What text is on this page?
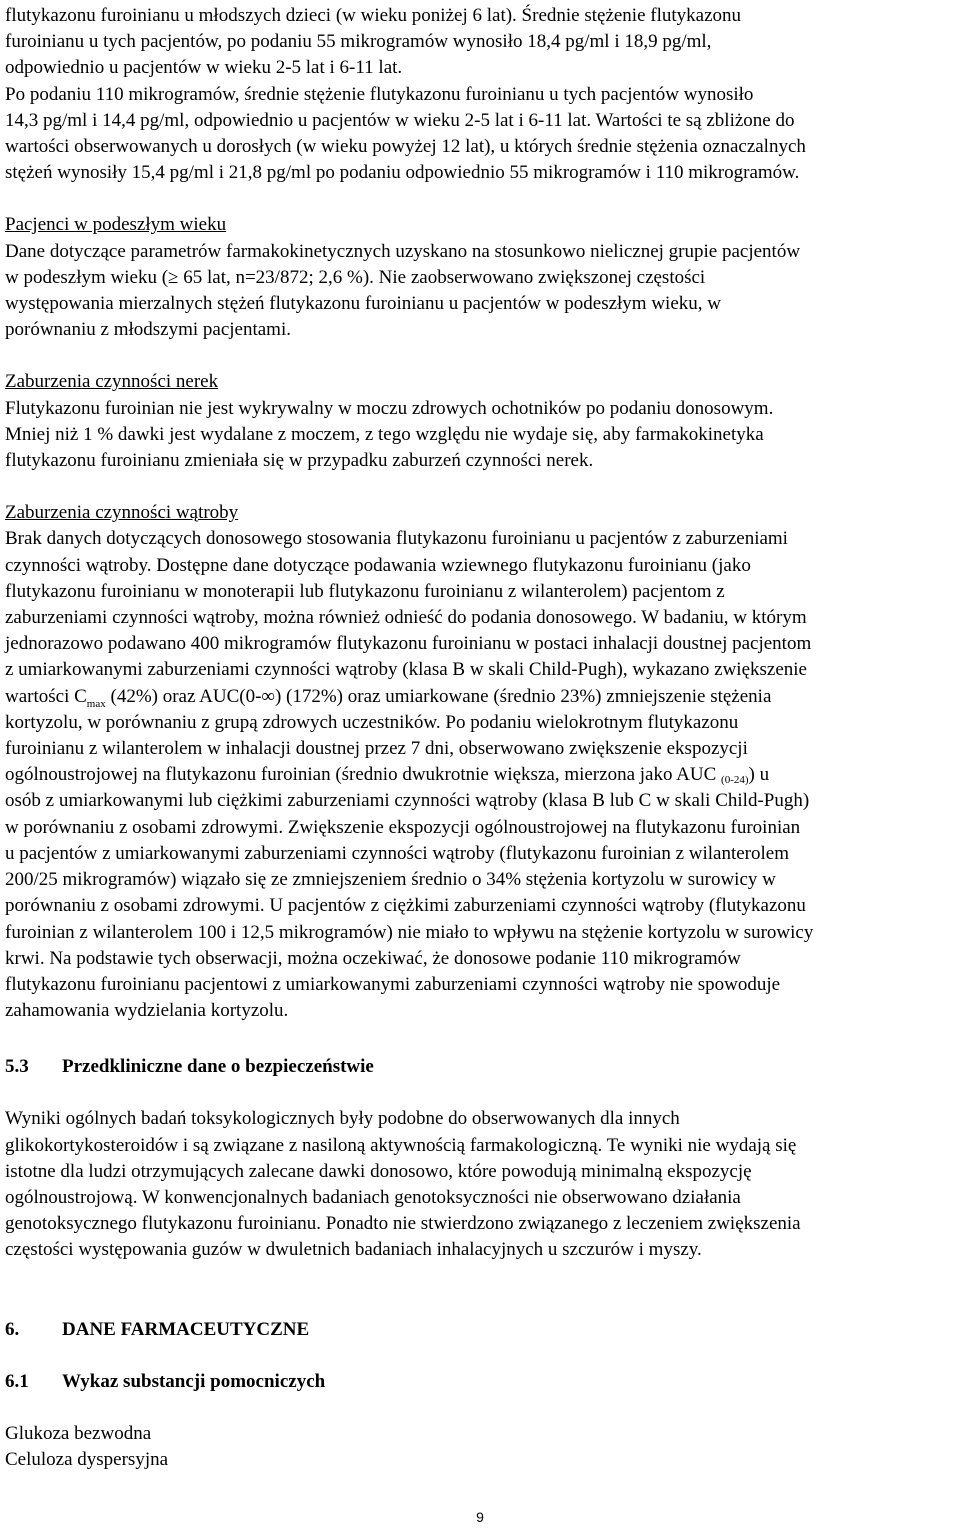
flutykazonu furoinianu u młodszych dzieci (w wieku poniżej 6 lat). Średnie stężenie flutykazonu

furoinianu u tych pacjentów, po podaniu 55 mikrogramów wynosiło 18,4 pg/ml i 18,9 pg/ml,

odpowiednio u pacjentów w wieku 2-5 lat i 6-11 lat.

Po podaniu 110 mikrogramów, średnie stężenie flutykazonu furoinianu u tych pacjentów wynosiło

14,3 pg/ml i 14,4 pg/ml, odpowiednio u pacjentów w wieku 2-5 lat i 6-11 lat. Wartości te są zbliżone do

wartości obserwowanych u dorosłych (w wieku powyżej 12 lat), u których średnie stężenia oznaczalnych

stężeń wynosiły 15,4 pg/ml i 21,8 pg/ml po podaniu odpowiednio 55 mikrogramów i 110 mikrogramów.

Pacjenci w podeszłym wieku

Dane dotyczące parametrów farmakokinetycznych uzyskano na stosunkowo nielicznej grupie pacjentów

w podeszłym wieku (≥ 65 lat, n=23/872; 2,6 %). Nie zaobserwowano zwiększonej częstości

występowania mierzalnych stężeń flutykazonu furoinianu u pacjentów w podeszłym wieku, w

porównaniu z młodszymi pacjentami.

Zaburzenia czynności nerek

Flutykazonu furoinian nie jest wykrywalny w moczu zdrowych ochotników po podaniu donosowym.

Mniej niż 1 % dawki jest wydalane z moczem, z tego względu nie wydaje się, aby farmakokinetyka

flutykazonu furoinianu zmieniała się w przypadku zaburzeń czynności nerek.

Zaburzenia czynności wątroby

Brak danych dotyczących donosowego stosowania flutykazonu furoinianu u pacjentów z zaburzeniami

czynności wątroby. Dostępne dane dotyczące podawania wziewnego flutykazonu furoinianu (jako

flutykazonu furoinianu w monoterapii lub flutykazonu furoinianu z wilanterolem) pacjentom z

zaburzeniami czynności wątroby, można również odnieść do podania donosowego. W badaniu, w którym

jednorazowo podawano 400 mikrogramów flutykazonu furoinianu w postaci inhalacji doustnej pacjentom

z umiarkowanymi zaburzeniami czynności wątroby (klasa B w skali Child-Pugh), wykazano zwiększenie

wartości $C_{max}$ (42%) oraz AUC(0-∞) (172%) oraz umiarkowane (średnio 23%) zmniejszenie stężenia

kortyzolu, w porównaniu z grupą zdrowych uczestników. Po podaniu wielokrotnym flutykazonu

furoinianu z wilanterolem w inhalacji doustnej przez 7 dni, obserwowano zwiększenie ekspozycji

ogólnoustrojowej na flutykazonu furoinian (średnio dwukrotnie większa, mierzona jako AUC (0-24)) u

osób z umiarkowanymi lub ciężkimi zaburzeniami czynności wątroby (klasa B lub C w skali Child-Pugh)

w porównaniu z osobami zdrowymi. Zwiększenie ekspozycji ogólnoustrojowej na flutykazonu furoinian

u pacjentów z umiarkowanymi zaburzeniami czynności wątroby (flutykazonu furoinian z wilanterolem

200/25 mikrogramów) wiązało się ze zmniejszeniem średnio o 34% stężenia kortyzolu w surowicy w

porównaniu z osobami zdrowymi. U pacjentów z ciężkimi zaburzeniami czynności wątroby (flutykazonu

furoinian z wilanterolem 100 i 12,5 mikrogramów) nie miało to wpływu na stężenie kortyzolu w surowicy

krwi. Na podstawie tych obserwacji, można oczekiwać, że donosowe podanie 110 mikrogramów

flutykazonu furoinianu pacjentowi z umiarkowanymi zaburzeniami czynności wątroby nie spowoduje

zahamowania wydzielania kortyzolu.

5.3	Przedkliniczne dane o bezpieczeństwie

Wyniki ogólnych badań toksykologicznych były podobne do obserwowanych dla innych

glikokortykosteroidów i są związane z nasiloną aktywnością farmakologiczną. Te wyniki nie wydają się

istotne dla ludzi otrzymujących zalecane dawki donosowo, które powodują minimalną ekspozycję

ogólnoustrojową. W konwencjonalnych badaniach genotoksyczności nie obserwowano działania

genotoksycznego flutykazonu furoinianu. Ponadto nie stwierdzono związanego z leczeniem zwiększenia

częstości występowania guzów w dwuletnich badaniach inhalacyjnych u szczurów i myszy.

6.	DANE FARMACEUTYCZNE
6.1	Wykaz substancji pomocniczych

Glukoza bezwodna

Celuloza dyspersyjna

9
